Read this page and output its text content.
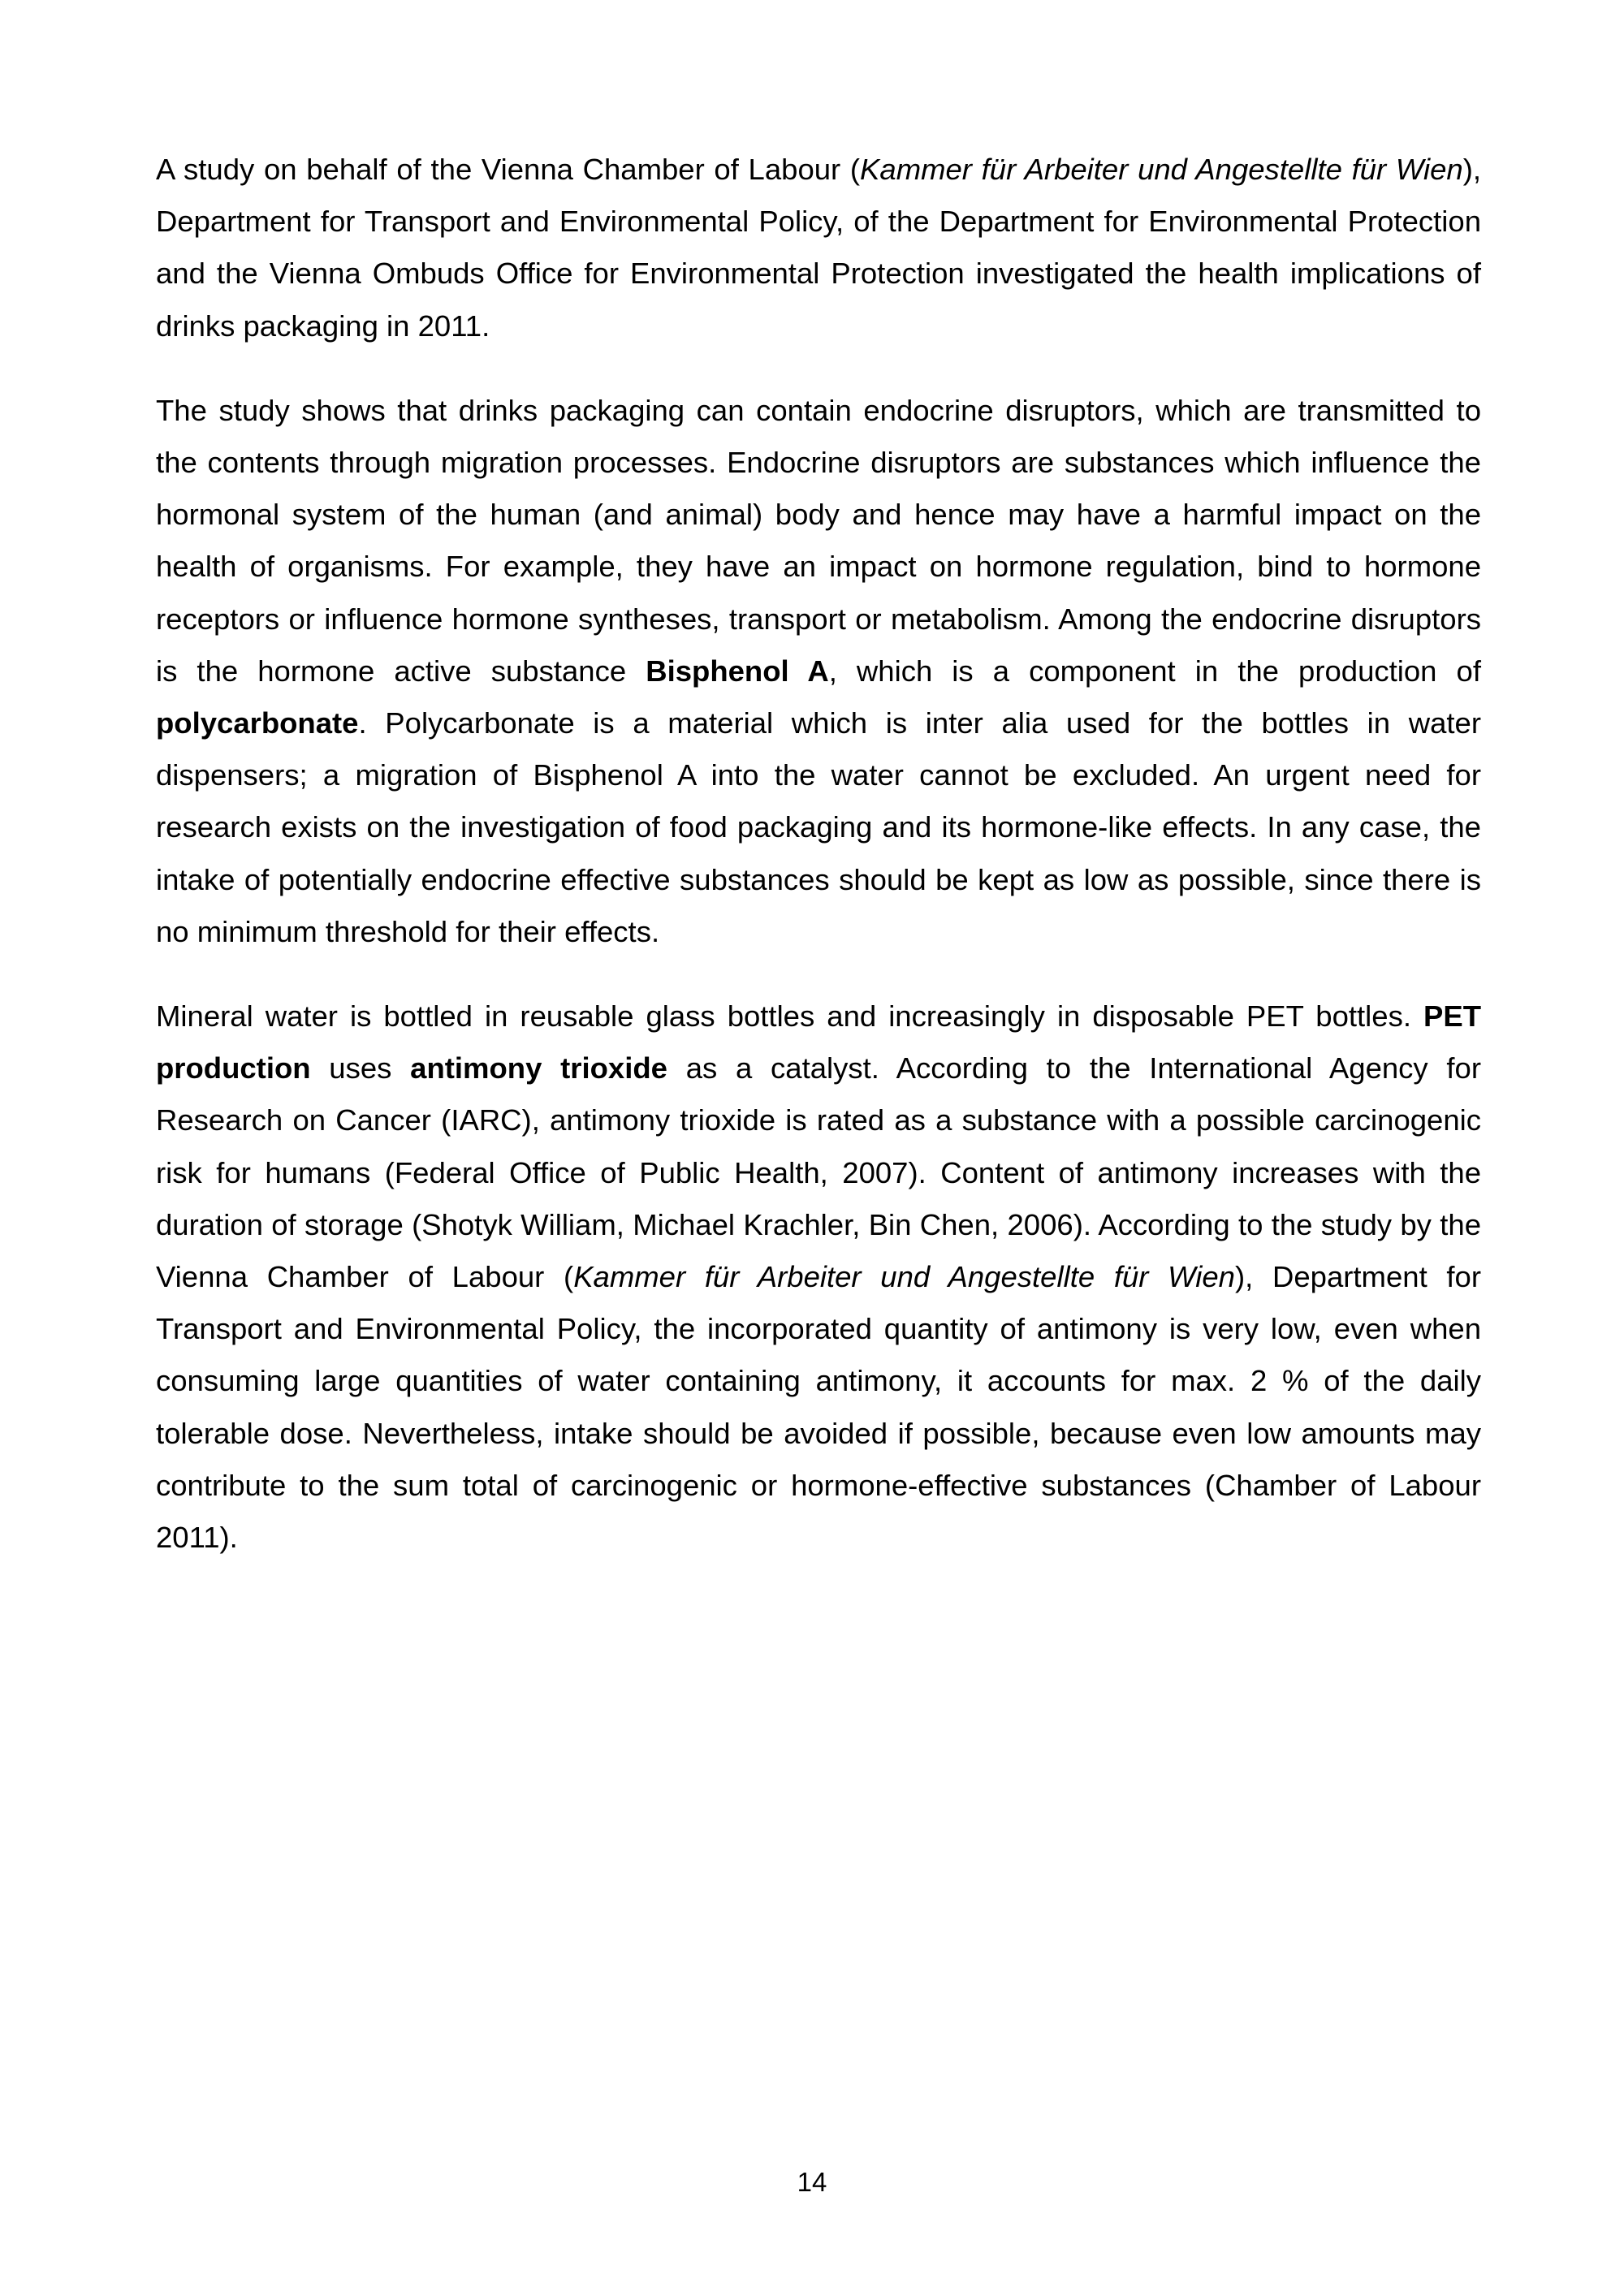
A study on behalf of the Vienna Chamber of Labour (Kammer für Arbeiter und Angestellte für Wien), Department for Transport and Environmental Policy, of the Department for Environmental Protection and the Vienna Ombuds Office for Environmental Protection investigated the health implications of drinks packaging in 2011.

The study shows that drinks packaging can contain endocrine disruptors, which are transmitted to the contents through migration processes. Endocrine disruptors are substances which influence the hormonal system of the human (and animal) body and hence may have a harmful impact on the health of organisms. For example, they have an impact on hormone regulation, bind to hormone receptors or influence hormone syntheses, transport or metabolism. Among the endocrine disruptors is the hormone active substance Bisphenol A, which is a component in the production of polycarbonate. Polycarbonate is a material which is inter alia used for the bottles in water dispensers; a migration of Bisphenol A into the water cannot be excluded. An urgent need for research exists on the investigation of food packaging and its hormone-like effects. In any case, the intake of potentially endocrine effective substances should be kept as low as possible, since there is no minimum threshold for their effects.

Mineral water is bottled in reusable glass bottles and increasingly in disposable PET bottles. PET production uses antimony trioxide as a catalyst. According to the International Agency for Research on Cancer (IARC), antimony trioxide is rated as a substance with a possible carcinogenic risk for humans (Federal Office of Public Health, 2007). Content of antimony increases with the duration of storage (Shotyk William, Michael Krachler, Bin Chen, 2006). According to the study by the Vienna Chamber of Labour (Kammer für Arbeiter und Angestellte für Wien), Department for Transport and Environmental Policy, the incorporated quantity of antimony is very low, even when consuming large quantities of water containing antimony, it accounts for max. 2 % of the daily tolerable dose. Nevertheless, intake should be avoided if possible, because even low amounts may contribute to the sum total of carcinogenic or hormone-effective substances (Chamber of Labour 2011).

14
